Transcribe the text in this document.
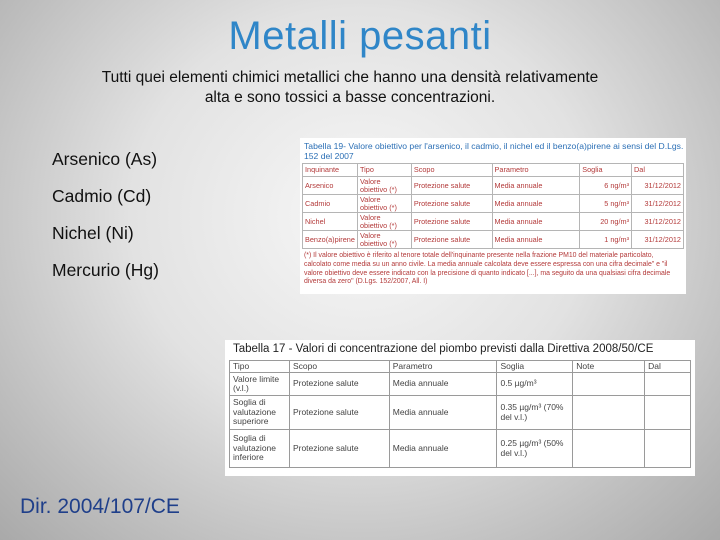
Metalli pesanti
Tutti quei elementi chimici metallici che hanno una densità relativamente alta e sono tossici a basse concentrazioni.
Arsenico (As)
Cadmio (Cd)
Nichel (Ni)
Mercurio (Hg)
Dir. 2004/107/CE
Tabella 19- Valore obiettivo per l'arsenico, il cadmio, il nichel ed il benzo(a)pirene ai sensi del D.Lgs. 152 del 2007
Inquinante	Tipo	Scopo	Parametro	Soglia	Dal
Arsenico	Valore obiettivo (*)	Protezione salute	Media annuale	6 ng/m³	31/12/2012
Cadmio	Valore obiettivo (*)	Protezione salute	Media annuale	5 ng/m³	31/12/2012
Nichel	Valore obiettivo (*)	Protezione salute	Media annuale	20 ng/m³	31/12/2012
Benzo(a)pirene	Valore obiettivo (*)	Protezione salute	Media annuale	1 ng/m³	31/12/2012
(*) Il valore obiettivo è riferito al tenore totale dell'inquinante presente nella frazione PM10 del materiale particolato, calcolato come media su un anno civile. La media annuale calcolata deve essere espressa con una cifra decimale" e "il valore obiettivo deve essere indicato con la precisione di quanto indicato [...], ma seguito da una qualsiasi cifra decimale diversa da zero" (D.Lgs. 152/2007, All. I)
Tabella 17 - Valori di concentrazione del piombo previsti dalla Direttiva 2008/50/CE
Tipo	Scopo	Parametro	Soglia	Note	Dal
Valore limite (v.l.)	Protezione salute	Media annuale	0.5 µg/m³		
Soglia di valutazione superiore	Protezione salute	Media annuale	0.35 µg/m³ (70% del v.l.)		
Soglia di valutazione inferiore	Protezione salute	Media annuale	0.25 µg/m³ (50% del v.l.)		
